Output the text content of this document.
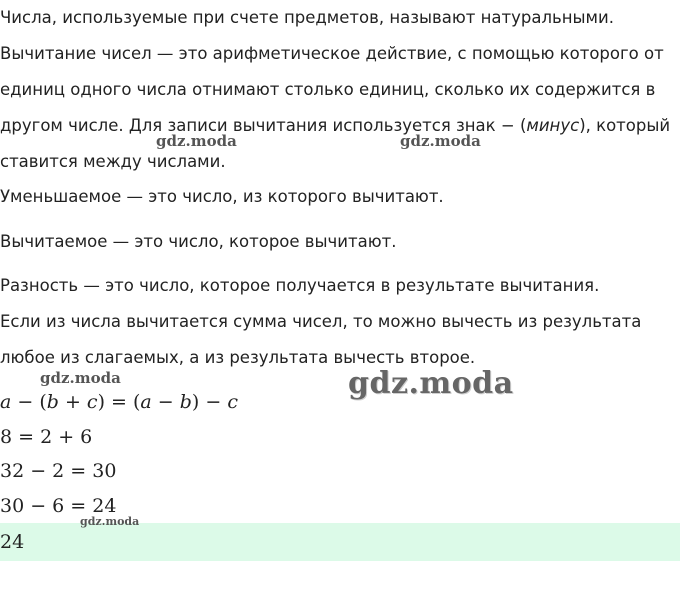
Числа, используемые при счете предметов, называют натуральными.

Вычитание чисел — это арифметическое действие, с помощью которого от единиц одного числа отнимают столько единиц, сколько их содержится в другом числе. Для записи вычитания используется знак − (минус), который ставится между числами.

Уменьшаемое — это число, из которого вычитают.

Вычитаемое — это число, которое вычитают.

Разность — это число, которое получается в результате вычитания.

Если из числа вычитается сумма чисел, то можно вычесть из результата любое из слагаемых, а из результата вычесть второе.

a − (b + c) = (a − b) − c
8 = 2 + 6
32 − 2 = 30
30 − 6 = 24
24
gdz.moda	gdz.moda
gdz.moda	gdz.moda
gdz.moda
